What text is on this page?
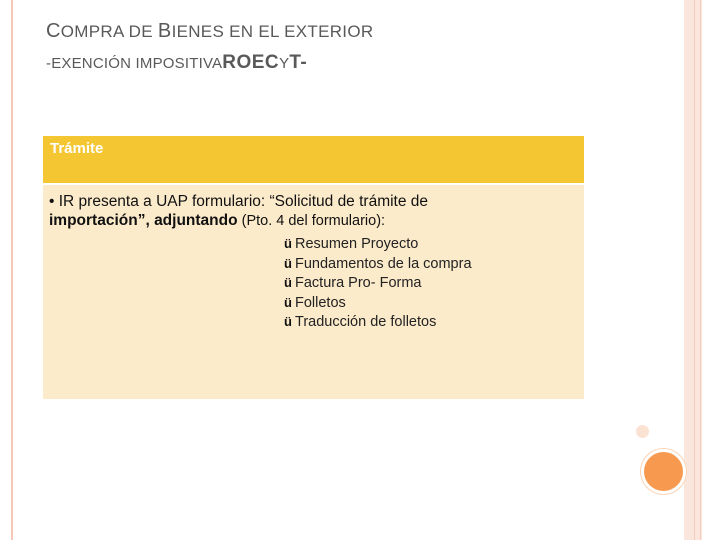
COMPRA DE BIENES EN EL EXTERIOR
-EXENCIÓN IMPOSITIVAROECYT-
Trámite
• IR presenta a UAP formulario: “Solicitud de trámite de
importación”, adjuntando (Pto. 4 del formulario):
ü Resumen Proyecto
ü Fundamentos de la compra
ü Factura Pro- Forma
ü Folletos
ü Traducción de folletos
